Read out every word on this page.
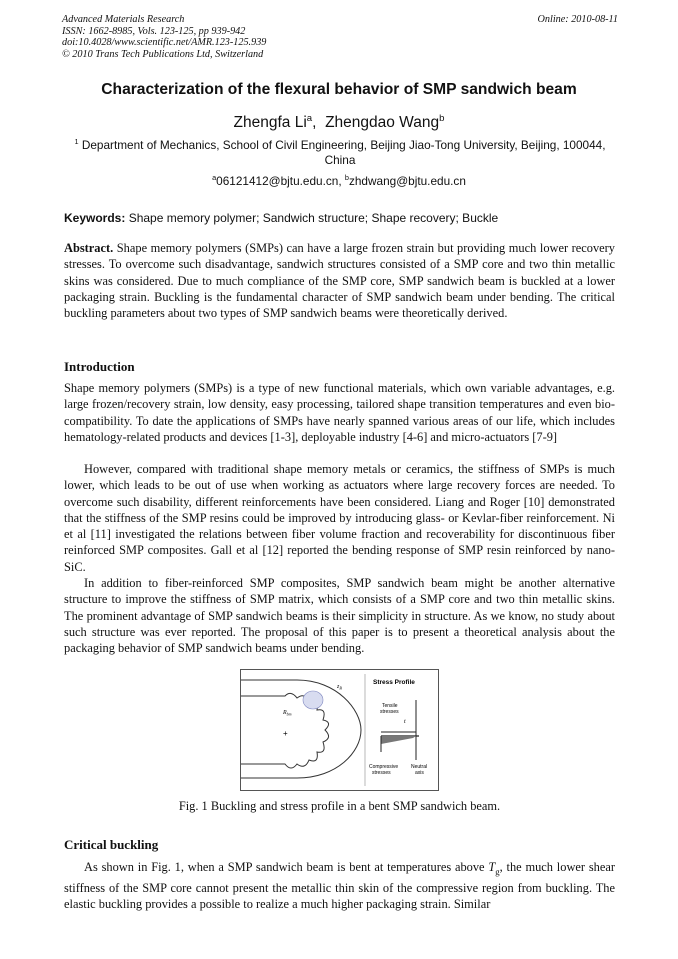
Advanced Materials Research
ISSN: 1662-8985, Vols. 123-125, pp 939-942
doi:10.4028/www.scientific.net/AMR.123-125.939
© 2010 Trans Tech Publications Ltd, Switzerland
Online: 2010-08-11
Characterization of the flexural behavior of SMP sandwich beam
Zhengfa Li$^a$,  Zhengdao Wang$^b$
$^1$ Department of Mechanics, School of Civil Engineering, Beijing Jiao-Tong University, Beijing, 100044, China
$^a$06121412@bjtu.edu.cn, $^b$zhdwang@bjtu.edu.cn
Keywords: Shape memory polymer; Sandwich structure; Shape recovery; Buckle

Abstract. Shape memory polymers (SMPs) can have a large frozen strain but providing much lower recovery stresses. To overcome such disadvantage, sandwich structures consisted of a SMP core and two thin metallic skins was considered. Due to much compliance of the SMP core, SMP sandwich beam is buckled at a lower packaging strain. Buckling is the fundamental character of SMP sandwich beam under bending. The critical buckling parameters about two types of SMP sandwich beams were theoretically derived.

Introduction

Shape memory polymers (SMPs) is a type of new functional materials, which own variable advantages, e.g. large frozen/recovery strain, low density, easy processing, tailored shape transition temperatures and even bio-compatibility. To date the applications of SMPs have nearly spanned various areas of our life, which includes hematology-related products and devices [1-3], deployable industry [4-6] and micro-actuators [7-9]

However, compared with traditional shape memory metals or ceramics, the stiffness of SMPs is much lower, which leads to be out of use when working as actuators where large recovery forces are needed. To overcome such disability, different reinforcements have been considered. Liang and Roger [10] demonstrated that the stiffness of the SMP resins could be improved by introducing glass- or Kevlar-fiber reinforcement. Ni et al [11] investigated the relations between fiber volume fraction and recoverability for discontinuous fiber reinforced SMP composites. Gall et al [12] reported the bending response of SMP resin reinforced by nano-SiC.

In addition to fiber-reinforced SMP composites, SMP sandwich beam might be another alternative structure to improve the stiffness of SMP matrix, which consists of a SMP core and two thin metallic skins. The prominent advantage of SMP sandwich beams is their simplicity in structure. As we know, no study about such structure was ever reported. The proposal of this paper is to present a theoretical analysis about the packaging behavior of SMP sandwich beams under bending.

Stress Profile
Tensile
stresses
t
Compressive
stresses
Neutral
axis
$R_{bm}$
+
$z_B$
Fig. 1 Buckling and stress profile in a bent SMP sandwich beam.
Critical buckling

As shown in Fig. 1, when a SMP sandwich beam is bent at temperatures above $T_g$, the much lower shear stiffness of the SMP core cannot present the metallic thin skin of the compressive region from buckling. The elastic buckling provides a possible to realize a much higher packaging strain. Similar
